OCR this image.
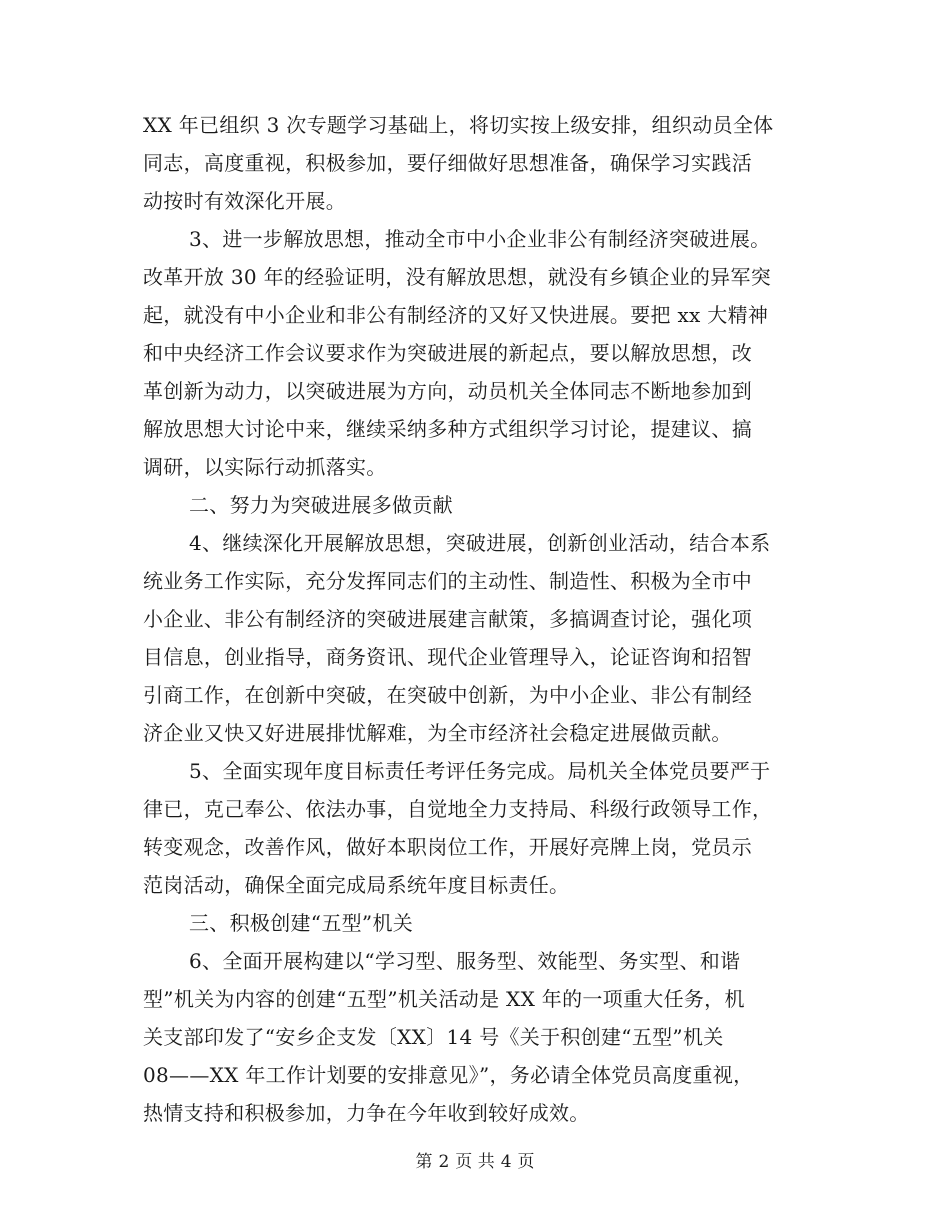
XX 年已组织 3 次专题学习基础上，将切实按上级安排，组织动员全体
同志，高度重视，积极参加，要仔细做好思想准备，确保学习实践活
动按时有效深化开展。
3、进一步解放思想，推动全市中小企业非公有制经济突破进展。
改革开放 30 年的经验证明，没有解放思想，就没有乡镇企业的异军突
起，就没有中小企业和非公有制经济的又好又快进展。要把 xx 大精神
和中央经济工作会议要求作为突破进展的新起点，要以解放思想，改
革创新为动力，以突破进展为方向，动员机关全体同志不断地参加到
解放思想大讨论中来，继续采纳多种方式组织学习讨论，提建议、搞
调研，以实际行动抓落实。
二、努力为突破进展多做贡献
4、继续深化开展解放思想，突破进展，创新创业活动，结合本系
统业务工作实际，充分发挥同志们的主动性、制造性、积极为全市中
小企业、非公有制经济的突破进展建言献策，多搞调查讨论，强化项
目信息，创业指导，商务资讯、现代企业管理导入，论证咨询和招智
引商工作，在创新中突破，在突破中创新，为中小企业、非公有制经
济企业又快又好进展排忧解难，为全市经济社会稳定进展做贡献。
5、全面实现年度目标责任考评任务完成。局机关全体党员要严于
律已，克己奉公、依法办事，自觉地全力支持局、科级行政领导工作，
转变观念，改善作风，做好本职岗位工作，开展好亮牌上岗，党员示
范岗活动，确保全面完成局系统年度目标责任。
三、积极创建“五型”机关
6、全面开展构建以“学习型、服务型、效能型、务实型、和谐
型”机关为内容的创建“五型”机关活动是 XX 年的一项重大任务，机
关支部印发了“安乡企支发〔XX〕14 号《关于积创建“五型”机关
08——XX 年工作计划要的安排意见》”，务必请全体党员高度重视，
热情支持和积极参加，力争在今年收到较好成效。
第 2 页 共 4 页
